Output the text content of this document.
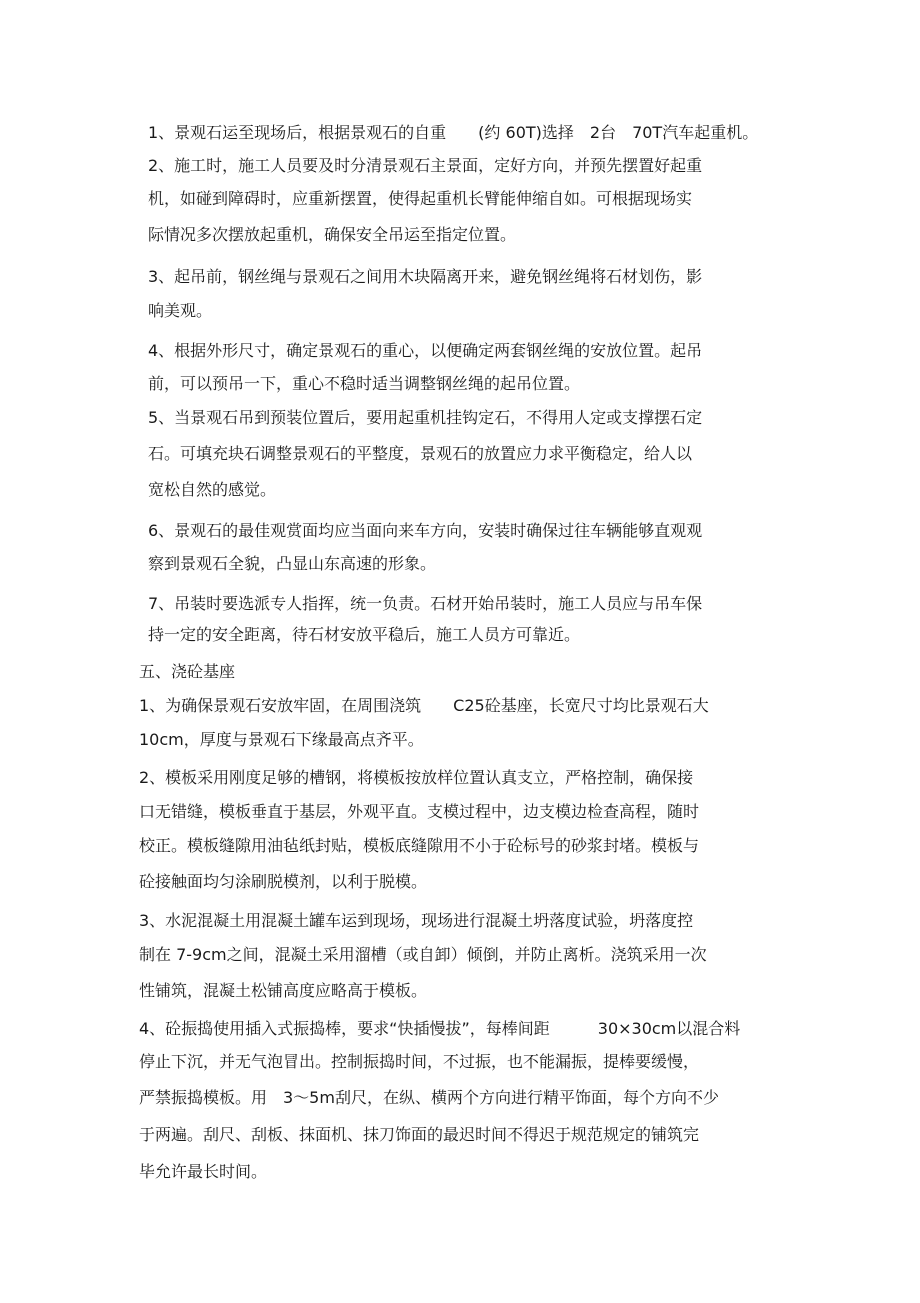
1、景观石运至现场后，根据景观石的自重　　(约 60T)选择　2台　70T汽车起重机。
2、施工时，施工人员要及时分清景观石主景面，定好方向，并预先摆置好起重
机，如碰到障碍时，应重新摆置，使得起重机长臂能伸缩自如。可根据现场实
际情况多次摆放起重机，确保安全吊运至指定位置。
3、起吊前，钢丝绳与景观石之间用木块隔离开来，避免钢丝绳将石材划伤，影
响美观。
4、根据外形尺寸，确定景观石的重心，以便确定两套钢丝绳的安放位置。起吊
前，可以预吊一下，重心不稳时适当调整钢丝绳的起吊位置。
5、当景观石吊到预装位置后，要用起重机挂钩定石，不得用人定或支撑摆石定
石。可填充块石调整景观石的平整度，景观石的放置应力求平衡稳定，给人以
宽松自然的感觉。
6、景观石的最佳观赏面均应当面向来车方向，安装时确保过往车辆能够直观观
察到景观石全貌，凸显山东高速的形象。
7、吊装时要选派专人指挥，统一负责。石材开始吊装时，施工人员应与吊车保
持一定的安全距离，待石材安放平稳后，施工人员方可靠近。
五、浇砼基座
1、为确保景观石安放牢固，在周围浇筑　　C25砼基座，长宽尺寸均比景观石大
10cm，厚度与景观石下缘最高点齐平。
2、模板采用刚度足够的槽钢，将模板按放样位置认真支立，严格控制，确保接
口无错缝，模板垂直于基层，外观平直。支模过程中，边支模边检查高程，随时
校正。模板缝隙用油毡纸封贴，模板底缝隙用不小于砼标号的砂浆封堵。模板与
砼接触面均匀涂刷脱模剂，以利于脱模。
3、水泥混凝土用混凝土罐车运到现场，现场进行混凝土坍落度试验，坍落度控
制在 7-9cm之间，混凝土采用溜槽（或自卸）倾倒，并防止离析。浇筑采用一次
性铺筑，混凝土松铺高度应略高于模板。
4、砼振捣使用插入式振捣棒，要求“快插慢拔”，每棒间距　　　30×30cm以混合料
停止下沉，并无气泡冒出。控制振捣时间，不过振，也不能漏振，提棒要缓慢，
严禁振捣模板。用　3～5m刮尺，在纵、横两个方向进行精平饰面，每个方向不少
于两遍。刮尺、刮板、抹面机、抹刀饰面的最迟时间不得迟于规范规定的铺筑完
毕允许最长时间。
